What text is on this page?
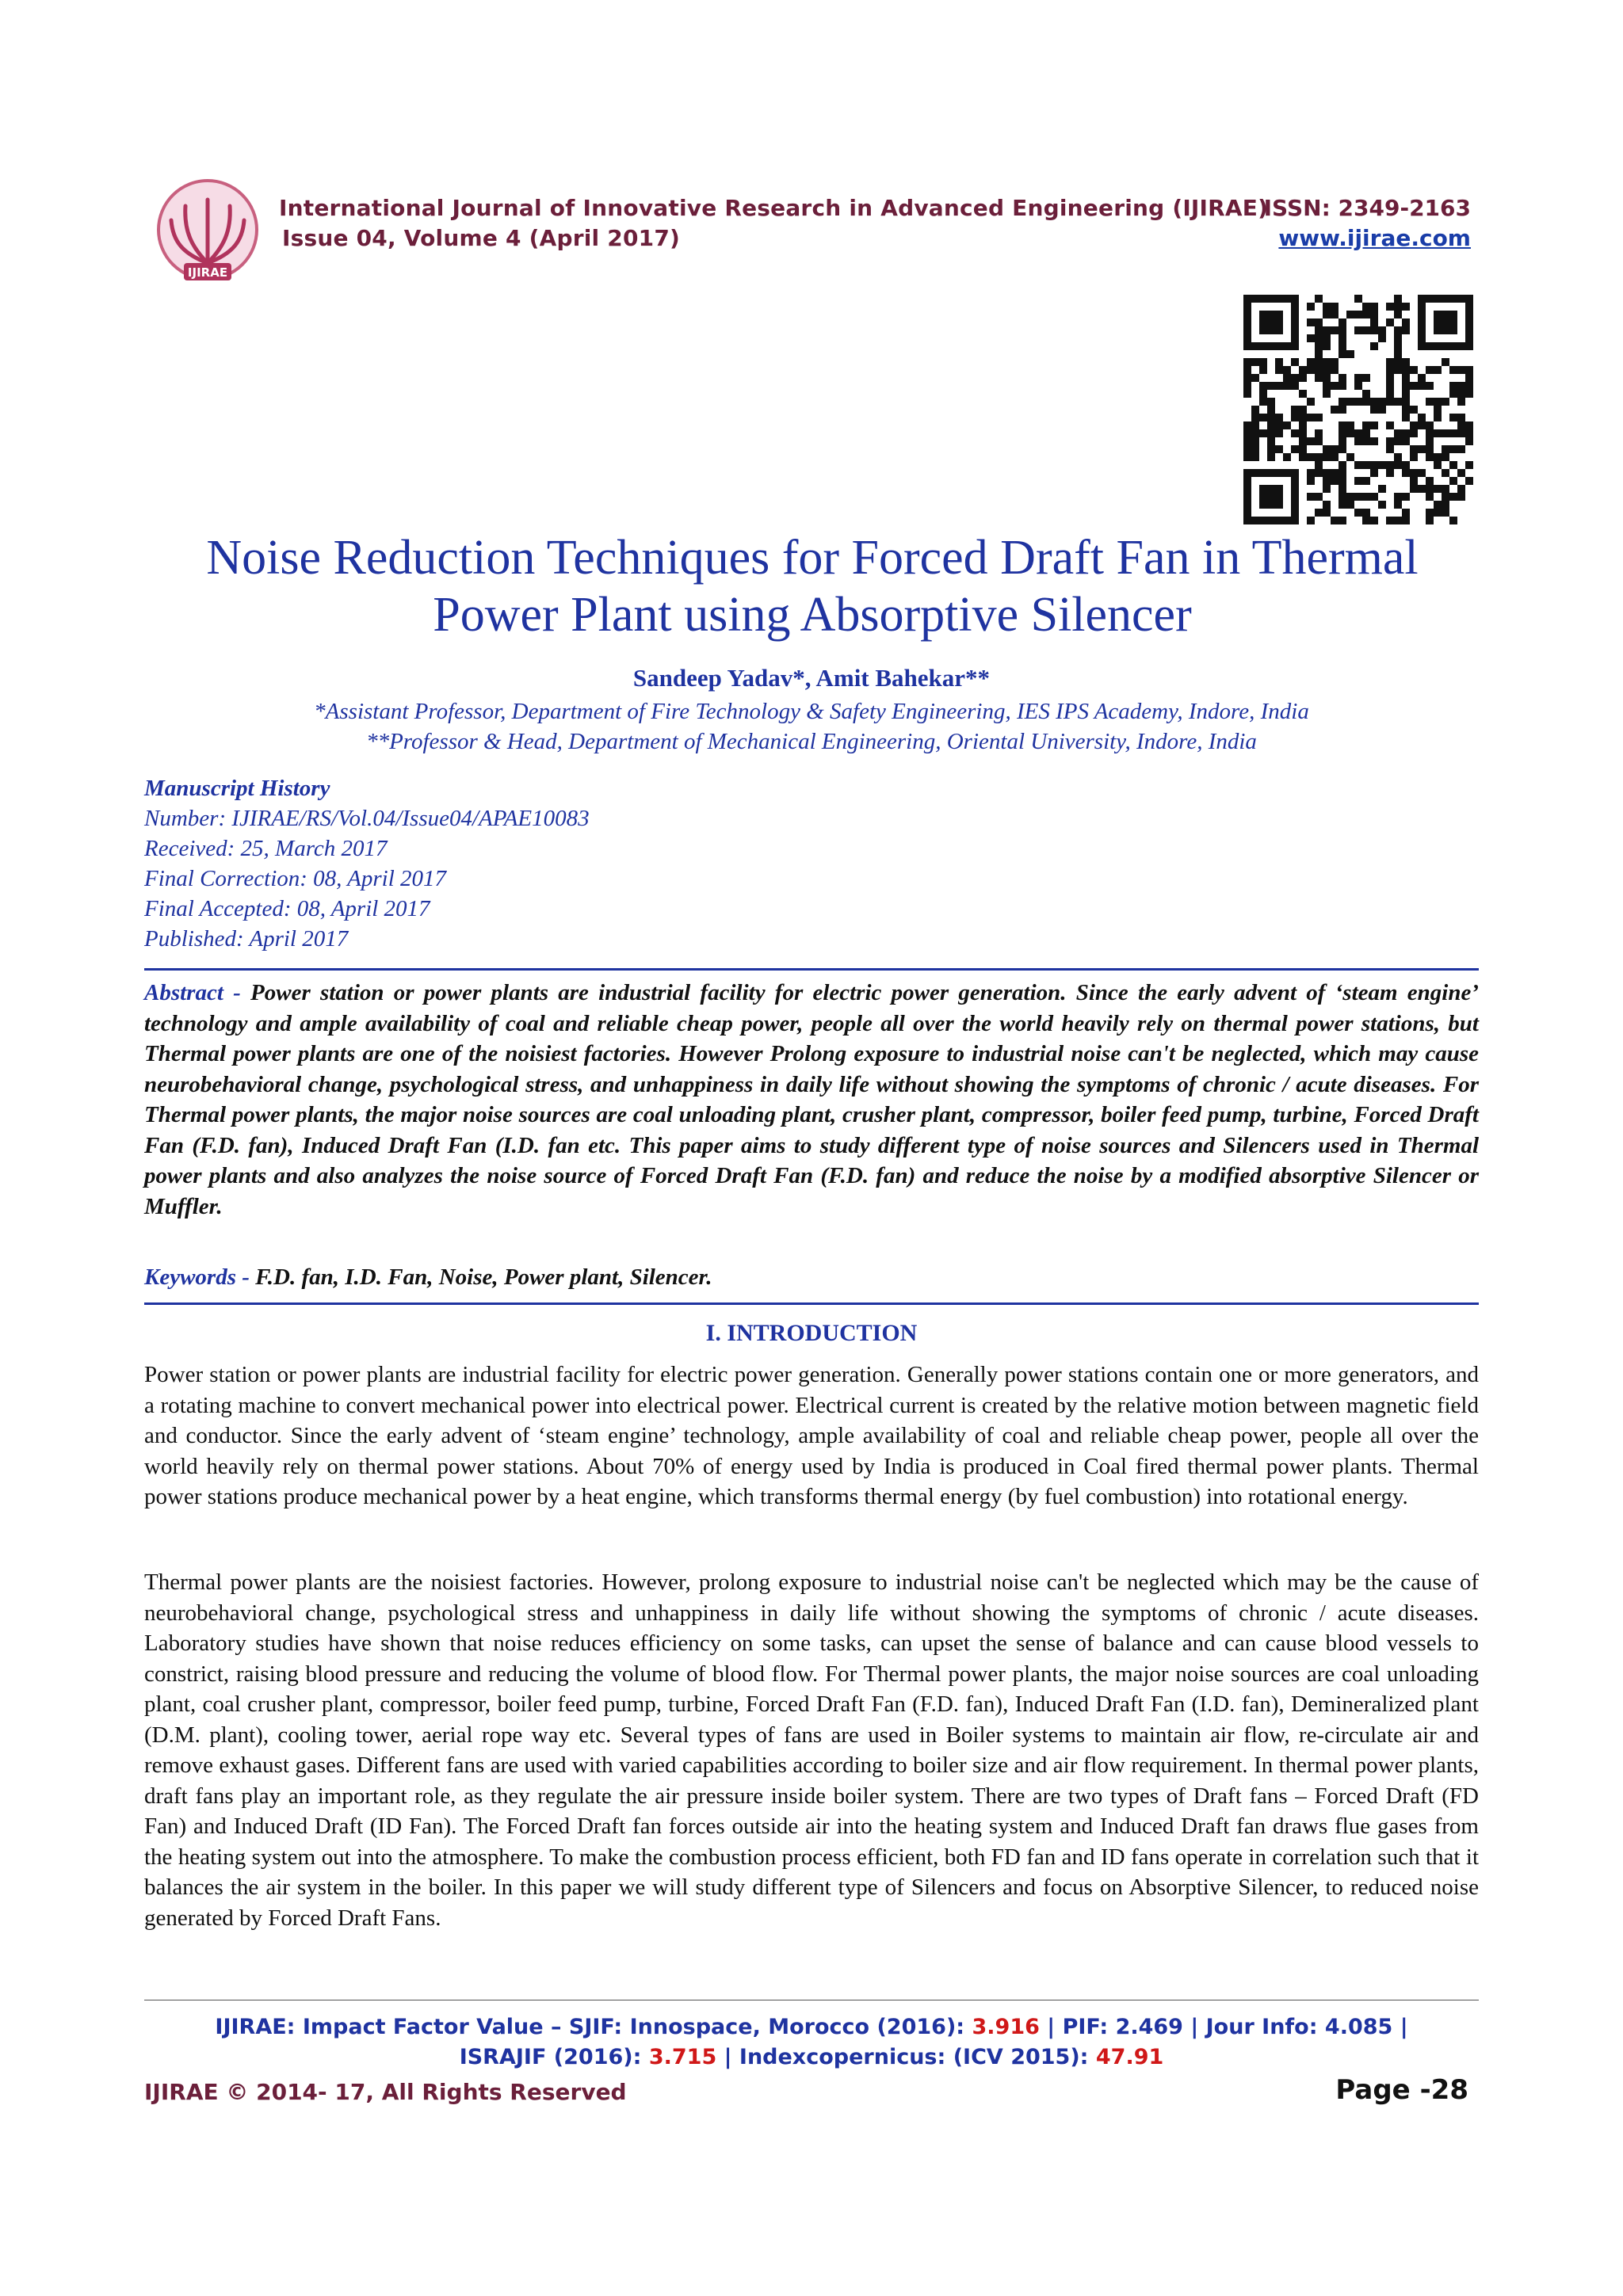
IJIRAE
International Journal of Innovative Research in Advanced Engineering (IJIRAE)
Issue 04, Volume 4 (April 2017)
ISSN: 2349-2163
www.ijirae.com
Noise Reduction Techniques for Forced Draft Fan in Thermal
Power Plant using Absorptive Silencer
Sandeep Yadav*, Amit Bahekar**
*Assistant Professor, Department of Fire Technology & Safety Engineering, IES IPS Academy, Indore, India
**Professor & Head, Department of Mechanical Engineering, Oriental University, Indore, India
Manuscript History
Number: IJIRAE/RS/Vol.04/Issue04/APAE10083
Received: 25, March 2017
Final Correction: 08, April 2017
Final Accepted: 08, April 2017
Published: April 2017
Abstract - Power station or power plants are industrial facility for electric power generation. Since the early advent of ‘steam engine’ technology and ample availability of coal and reliable cheap power, people all over the world heavily rely on thermal power stations, but Thermal power plants are one of the noisiest factories. However Prolong exposure to industrial noise can't be neglected, which may cause neurobehavioral change, psychological stress, and unhappiness in daily life without showing the symptoms of chronic / acute diseases. For Thermal power plants, the major noise sources are coal unloading plant, crusher plant, compressor, boiler feed pump, turbine, Forced Draft Fan (F.D. fan), Induced Draft Fan (I.D. fan etc. This paper aims to study different type of noise sources and Silencers used in Thermal power plants and also analyzes the noise source of Forced Draft Fan (F.D. fan) and reduce the noise by a modified absorptive Silencer or Muffler.
Keywords - F.D. fan, I.D. Fan, Noise, Power plant, Silencer.
I. INTRODUCTION
Power station or power plants are industrial facility for electric power generation. Generally power stations contain one or more generators, and a rotating machine to convert mechanical power into electrical power. Electrical current is created by the relative motion between magnetic field and conductor. Since the early advent of ‘steam engine’ technology, ample availability of coal and reliable cheap power, people all over the world heavily rely on thermal power stations. About 70% of energy used by India is produced in Coal fired thermal power plants. Thermal power stations produce mechanical power by a heat engine, which transforms thermal energy (by fuel combustion) into rotational energy.
Thermal power plants are the noisiest factories. However, prolong exposure to industrial noise can't be neglected which may be the cause of neurobehavioral change, psychological stress and unhappiness in daily life without showing the symptoms of chronic / acute diseases. Laboratory studies have shown that noise reduces efficiency on some tasks, can upset the sense of balance and can cause blood vessels to constrict, raising blood pressure and reducing the volume of blood flow. For Thermal power plants, the major noise sources are coal unloading plant, coal crusher plant, compressor, boiler feed pump, turbine, Forced Draft Fan (F.D. fan), Induced Draft Fan (I.D. fan), Demineralized plant (D.M. plant), cooling tower, aerial rope way etc. Several types of fans are used in Boiler systems to maintain air flow, re-circulate air and remove exhaust gases. Different fans are used with varied capabilities according to boiler size and air flow requirement. In thermal power plants, draft fans play an important role, as they regulate the air pressure inside boiler system. There are two types of Draft fans – Forced Draft (FD Fan) and Induced Draft (ID Fan). The Forced Draft fan forces outside air into the heating system and Induced Draft fan draws flue gases from the heating system out into the atmosphere. To make the combustion process efficient, both FD fan and ID fans operate in correlation such that it balances the air system in the boiler. In this paper we will study different type of Silencers and focus on Absorptive Silencer, to reduced noise generated by Forced Draft Fans.
IJIRAE: Impact Factor Value – SJIF: Innospace, Morocco (2016): 3.916 | PIF: 2.469 | Jour Info: 4.085 |
ISRAJIF (2016): 3.715 | Indexcopernicus: (ICV 2015): 47.91
IJIRAE © 2014- 17, All Rights Reserved	Page -28
